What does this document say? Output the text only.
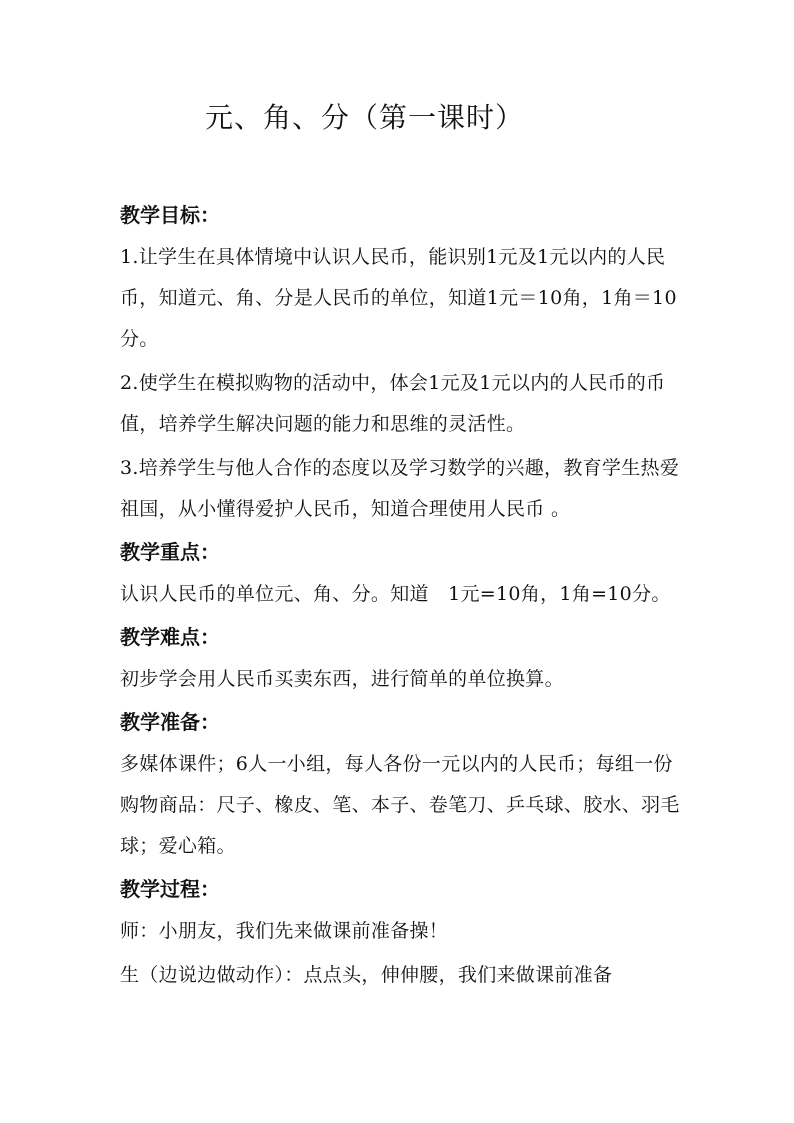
元、角、分（第一课时）
教学目标：
1.让学生在具体情境中认识人民币，能识别1元及1元以内的人民币，知道元、角、分是人民币的单位，知道1元＝10角，1角＝10分。
2.使学生在模拟购物的活动中，体会1元及1元以内的人民币的币值，培养学生解决问题的能力和思维的灵活性。
3.培养学生与他人合作的态度以及学习数学的兴趣，教育学生热爱祖国，从小懂得爱护人民币，知道合理使用人民币 。
教学重点：
认识人民币的单位元、角、分。知道　1元=10角，1角=10分。
教学难点：
初步学会用人民币买卖东西，进行简单的单位换算。
教学准备：
多媒体课件；6人一小组，每人各份一元以内的人民币；每组一份购物商品：尺子、橡皮、笔、本子、卷笔刀、乒乓球、胶水、羽毛球；爱心箱。
教学过程：
师：小朋友，我们先来做课前准备操！
生（边说边做动作）：点点头，伸伸腰，我们来做课前准备
